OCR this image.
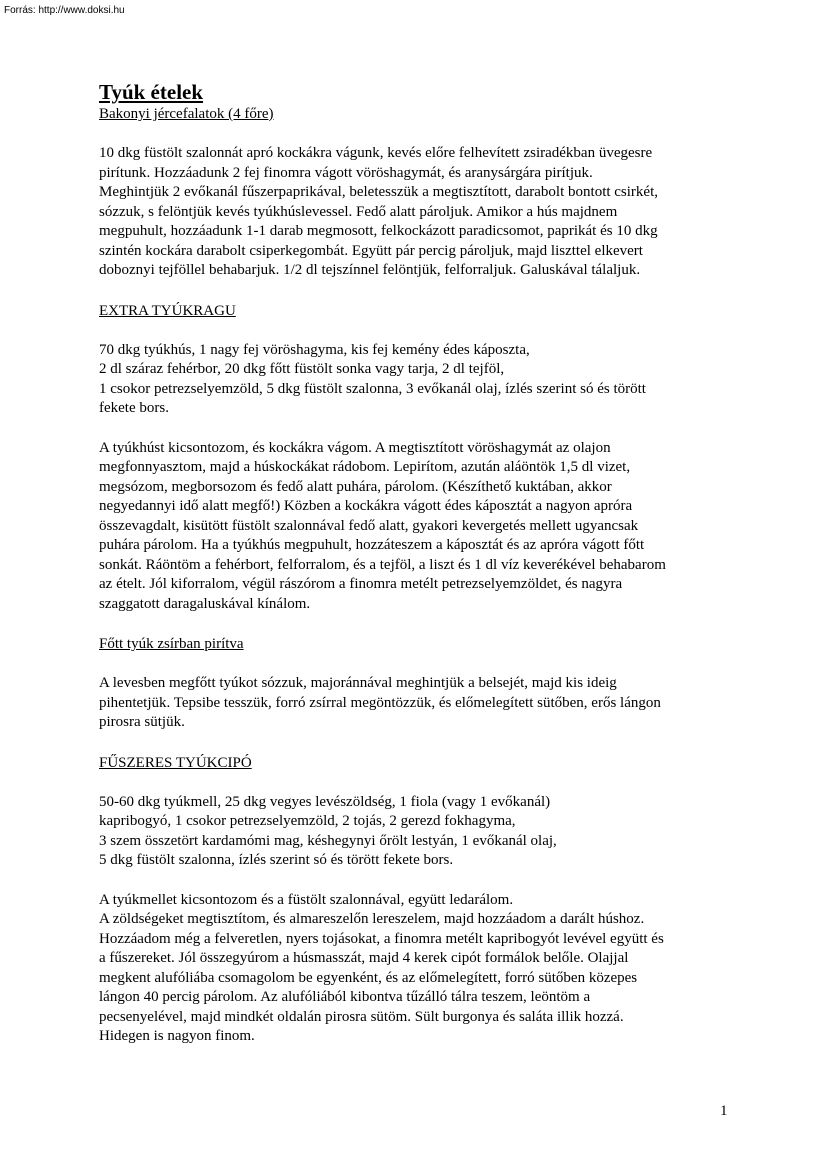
Forrás: http://www.doksi.hu
Tyúk ételek
Bakonyi jércefalatok (4 főre)

10 dkg füstölt szalonnát apró kockákra vágunk, kevés előre felhevített zsiradékban üvegesre

pirítunk. Hozzáadunk 2 fej finomra vágott vöröshagymát, és aranysárgára pirítjuk.

Meghintjük 2 evőkanál fűszerpaprikával, beletesszük a megtisztított, darabolt bontott csirkét,

sózzuk, s felöntjük kevés tyúkhúslevessel. Fedő alatt pároljuk. Amikor a hús majdnem

megpuhult, hozzáadunk 1-1 darab megmosott, felkockázott paradicsomot, paprikát és 10 dkg

szintén kockára darabolt csiperkegombát. Együtt pár percig pároljuk, majd liszttel elkevert

doboznyi tejföllel behabarjuk. 1/2 dl tejszínnel felöntjük, felforraljuk. Galuskával tálaljuk.

EXTRA TYÚKRAGU

70 dkg tyúkhús, 1 nagy fej vöröshagyma, kis fej kemény édes káposzta,

2 dl száraz fehérbor, 20 dkg főtt füstölt sonka vagy tarja, 2 dl tejföl,

1 csokor petrezselyemzöld, 5 dkg füstölt szalonna, 3 evőkanál olaj, ízlés szerint só és törött

fekete bors.

A tyúkhúst kicsontozom, és kockákra vágom. A megtisztított vöröshagymát az olajon

megfonnyasztom, majd a húskockákat rádobom. Lepirítom, azután aláöntök 1,5 dl vizet,

megsózom, megborsozom és fedő alatt puhára, párolom. (Készíthető kuktában, akkor

negyedannyi idő alatt megfő!) Közben a kockákra vágott édes káposztát a nagyon apróra

összevagdalt, kisütött füstölt szalonnával fedő alatt, gyakori kevergetés mellett ugyancsak

puhára párolom. Ha a tyúkhús megpuhult, hozzáteszem a káposztát és az apróra vágott főtt

sonkát. Ráöntöm a fehérbort, felforralom, és a tejföl, a liszt és 1 dl víz keverékével behabarom

az ételt. Jól kiforralom, végül rászórom a finomra metélt petrezselyemzöldet, és nagyra

szaggatott daragaluskával kínálom.

Főtt tyúk zsírban pirítva

A levesben megfőtt tyúkot sózzuk, majoránnával meghintjük a belsejét, majd kis ideig

pihentetjük. Tepsibe tesszük, forró zsírral megöntözzük, és előmelegített sütőben, erős lángon

pirosra sütjük.

FŰSZERES TYÚKCIPÓ

50-60 dkg tyúkmell, 25 dkg vegyes levészöldség, 1 fiola (vagy 1 evőkanál)

kapribogyó, 1 csokor petrezselyemzöld, 2 tojás, 2 gerezd fokhagyma,

3 szem összetört kardamómi mag, késhegynyi őrölt lestyán, 1 evőkanál olaj,

5 dkg füstölt szalonna, ízlés szerint só és törött fekete bors.

A tyúkmellet kicsontozom és a füstölt szalonnával, együtt ledarálom.

A zöldségeket megtisztítom, és almareszelőn lereszelem, majd hozzáadom a darált húshoz.

Hozzáadom még a felveretlen, nyers tojásokat, a finomra metélt kapribogyót levével együtt és

a fűszereket. Jól összegyúrom a húsmasszát, majd 4 kerek cipót formálok belőle. Olajjal

megkent alufóliába csomagolom be egyenként, és az előmelegített, forró sütőben közepes

lángon 40 percig párolom. Az alufóliából kibontva tűzálló tálra teszem, leöntöm a

pecsenyelével, majd mindkét oldalán pirosra sütöm. Sült burgonya és saláta illik hozzá.

Hidegen is nagyon finom.

1
